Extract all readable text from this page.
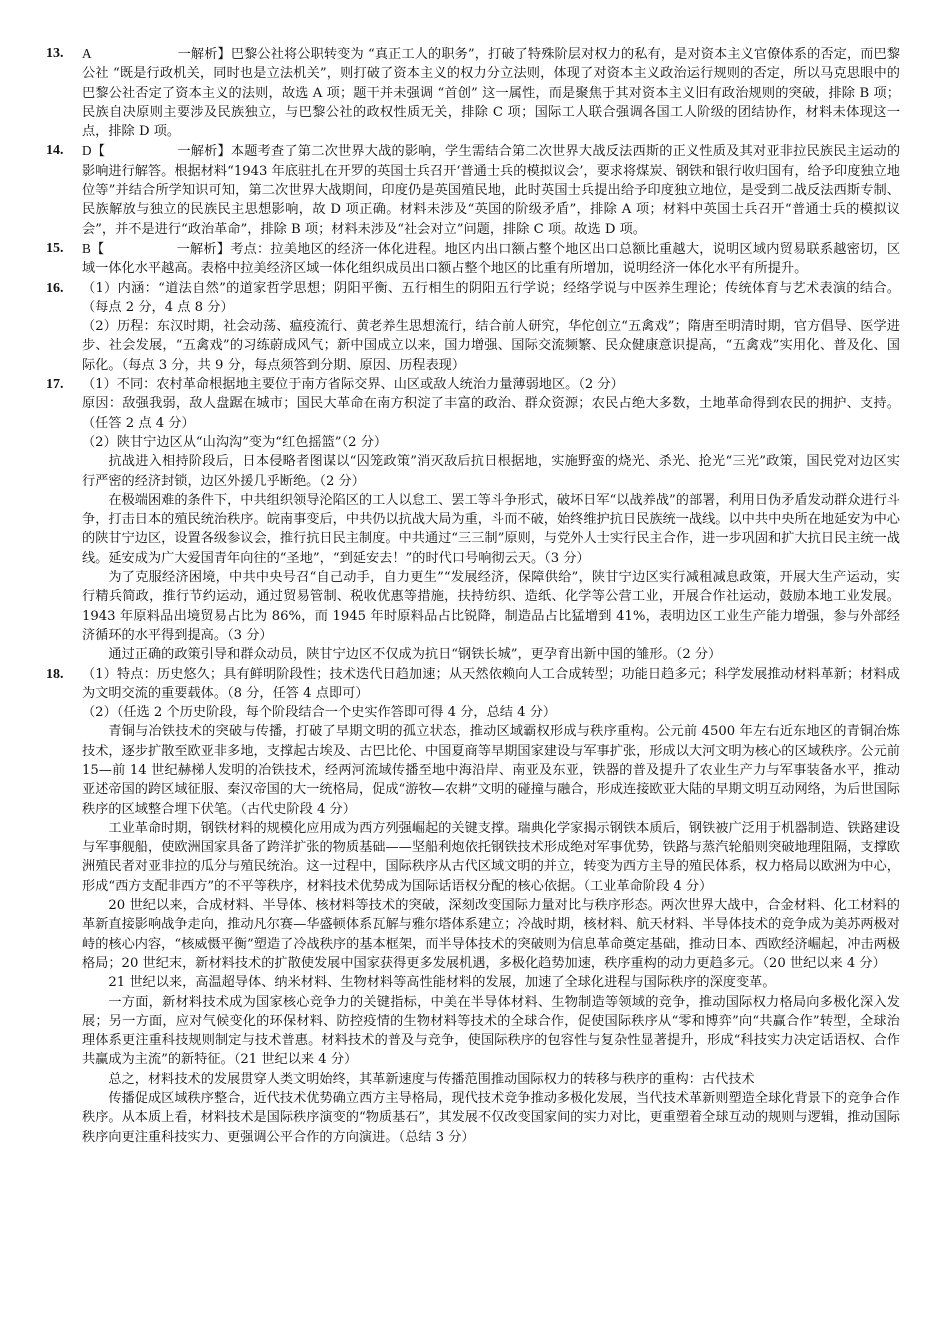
13.	A	一解析】巴黎公社将公职转变为 “真正工人的职务”，打破了特殊阶层对权力的私有，是对资本主义官僚体系的否定，而巴黎公社 “既是行政机关，同时也是立法机关”，则打破了资本主义的权力分立法则，体现了对资本主义政治运行规则的否定，所以马克思眼中的巴黎公社否定了资本主义的法则，故选 A 项；题干并未强调 “首创” 这一属性，而是聚焦于其对资本主义旧有政治规则的突破，排除 B 项；民族自决原则主要涉及民族独立，与巴黎公社的政权性质无关，排除 C 项；国际工人联合强调各国工人阶级的团结协作，材料未体现这一点，排除 D 项。

14.	D【	一解析】本题考查了第二次世界大战的影响，学生需结合第二次世界大战反法西斯的正义性质及其对亚非拉民族民主运动的影响进行解答。根据材料“1943 年底驻扎在开罗的英国士兵召开‘普通士兵的模拟议会’，要求将煤炭、钢铁和银行收归国有，给予印度独立地位等”并结合所学知识可知，第二次世界大战期间，印度仍是英国殖民地，此时英国士兵提出给予印度独立地位，是受到二战反法西斯专制、民族解放与独立的民族民主思想影响，故 D 项正确。材料未涉及“英国的阶级矛盾”，排除 A 项；材料中英国士兵召开“普通士兵的模拟议会”，并不是进行“政治革命”，排除 B 项；材料未涉及“社会对立”问题，排除 C 项。故选 D 项。

15.	B【	一解析】考点：拉美地区的经济一体化进程。地区内出口额占整个地区出口总额比重越大，说明区域内贸易联系越密切，区域一体化水平越高。表格中拉美经济区域一体化组织成员出口额占整个地区的比重有所增加，说明经济一体化水平有所提升。

16.	（1）内涵：“道法自然”的道家哲学思想；阴阳平衡、五行相生的阴阳五行学说；经络学说与中医养生理论；传统体育与艺术表演的结合。（每点 2 分，4 点 8 分）

（2）历程：东汉时期，社会动荡、瘟疫流行、黄老养生思想流行，结合前人研究，华佗创立“五禽戏”；隋唐至明清时期，官方倡导、医学进步、社会发展，“五禽戏”的习练蔚成风气；新中国成立以来，国力增强、国际交流频繁、民众健康意识提高，“五禽戏”实用化、普及化、国际化。（每点 3 分，共 9 分，每点须答到分期、原因、历程表现）

17.	（1）不同：农村革命根据地主要位于南方省际交界、山区或敌人统治力量薄弱地区。（2 分）

原因：敌强我弱，敌人盘踞在城市；国民大革命在南方积淀了丰富的政治、群众资源；农民占绝大多数，土地革命得到农民的拥护、支持。（任答 2 点 4 分）

（2）陕甘宁边区从“山沟沟”变为“红色摇篮”（2 分）

抗战进入相持阶段后，日本侵略者图谋以“囚笼政策”消灭敌后抗日根据地，实施野蛮的烧光、杀光、抢光“三光”政策，国民党对边区实行严密的经济封锁，边区外援几乎断绝。（2 分）

在极端困难的条件下，中共组织领导沦陷区的工人以怠工、罢工等斗争形式，破坏日军“以战养战”的部署，利用日伪矛盾发动群众进行斗争，打击日本的殖民统治秩序。皖南事变后，中共仍以抗战大局为重，斗而不破，始终维护抗日民族统一战线。以中共中央所在地延安为中心的陕甘宁边区，设置各级参议会，推行抗日民主制度。中共通过“三三制”原则，与党外人士实行民主合作，进一步巩固和扩大抗日民主统一战线。延安成为广大爱国青年向往的“圣地”，“到延安去！”的时代口号响彻云天。（3 分）

为了克服经济困境，中共中央号召“自己动手，自力更生”“发展经济，保障供给”，陕甘宁边区实行减租减息政策，开展大生产运动，实行精兵简政，推行节约运动，通过贸易管制、税收优惠等措施，扶持纺织、造纸、化学等公营工业，开展合作社运动，鼓励本地工业发展。1943 年原料品出境贸易占比为 86%，而 1945 年时原料品占比锐降，制造品占比猛增到 41%，表明边区工业生产能力增强，参与外部经济循环的水平得到提高。（3 分）

通过正确的政策引导和群众动员，陕甘宁边区不仅成为抗日“钢铁长城”，更孕育出新中国的雏形。（2 分）

18.	（1）特点：历史悠久；具有鲜明阶段性；技术迭代日趋加速；从天然依赖向人工合成转型；功能日趋多元；科学发展推动材料革新；材料成为文明交流的重要载体。（8 分，任答 4 点即可）

（2）（任选 2 个历史阶段，每个阶段结合一个史实作答即可得 4 分，总结 4 分）

青铜与冶铁技术的突破与传播，打破了早期文明的孤立状态，推动区域霸权形成与秩序重构。公元前 4500 年左右近东地区的青铜冶炼技术，逐步扩散至欧亚非多地，支撑起古埃及、古巴比伦、中国夏商等早期国家建设与军事扩张，形成以大河文明为核心的区域秩序。公元前 15—前 14 世纪赫梯人发明的冶铁技术，经两河流域传播至地中海沿岸、南亚及东亚，铁器的普及提升了农业生产力与军事装备水平，推动亚述帝国的跨区域征服、秦汉帝国的大一统格局，促成“游牧—农耕”文明的碰撞与融合，形成连接欧亚大陆的早期文明互动网络，为后世国际秩序的区域整合埋下伏笔。（古代史阶段 4 分）

工业革命时期，钢铁材料的规模化应用成为西方列强崛起的关键支撑。瑞典化学家揭示钢铁本质后，钢铁被广泛用于机器制造、铁路建设与军事舰船，使欧洲国家具备了跨洋扩张的物质基础——坚船利炮依托钢铁技术形成绝对军事优势，铁路与蒸汽轮船则突破地理阻隔，支撑欧洲殖民者对亚非拉的瓜分与殖民统治。这一过程中，国际秩序从古代区域文明的并立，转变为西方主导的殖民体系，权力格局以欧洲为中心，形成“西方支配非西方”的不平等秩序，材料技术优势成为国际话语权分配的核心依据。（工业革命阶段 4 分）

20 世纪以来，合成材料、半导体、核材料等技术的突破，深刻改变国际力量对比与秩序形态。两次世界大战中，合金材料、化工材料的革新直接影响战争走向，推动凡尔赛—华盛顿体系瓦解与雅尔塔体系建立；冷战时期，核材料、航天材料、半导体技术的竞争成为美苏两极对峙的核心内容，“核威慑平衡”塑造了冷战秩序的基本框架，而半导体技术的突破则为信息革命奠定基础，推动日本、西欧经济崛起，冲击两极格局；20 世纪末，新材料技术的扩散使发展中国家获得更多发展机遇，多极化趋势加速，秩序重构的动力更趋多元。（20 世纪以来 4 分）

21 世纪以来，高温超导体、纳米材料、生物材料等高性能材料的发展，加速了全球化进程与国际秩序的深度变革。

一方面，新材料技术成为国家核心竞争力的关键指标，中美在半导体材料、生物制造等领域的竞争，推动国际权力格局向多极化深入发展；另一方面，应对气候变化的环保材料、防控疫情的生物材料等技术的全球合作，促使国际秩序从“零和博弈”向“共赢合作”转型，全球治理体系更注重科技规则制定与技术普惠。材料技术的普及与竞争，使国际秩序的包容性与复杂性显著提升，形成“科技实力决定话语权、合作共赢成为主流”的新特征。（21 世纪以来 4 分）

总之，材料技术的发展贯穿人类文明始终，其革新速度与传播范围推动国际权力的转移与秩序的重构：古代技术

传播促成区域秩序整合，近代技术优势确立西方主导格局，现代技术竞争推动多极化发展，当代技术革新则塑造全球化背景下的竞争合作秩序。从本质上看，材料技术是国际秩序演变的“物质基石”，其发展不仅改变国家间的实力对比，更重塑着全球互动的规则与逻辑，推动国际秩序向更注重科技实力、更强调公平合作的方向演进。（总结 3 分）
